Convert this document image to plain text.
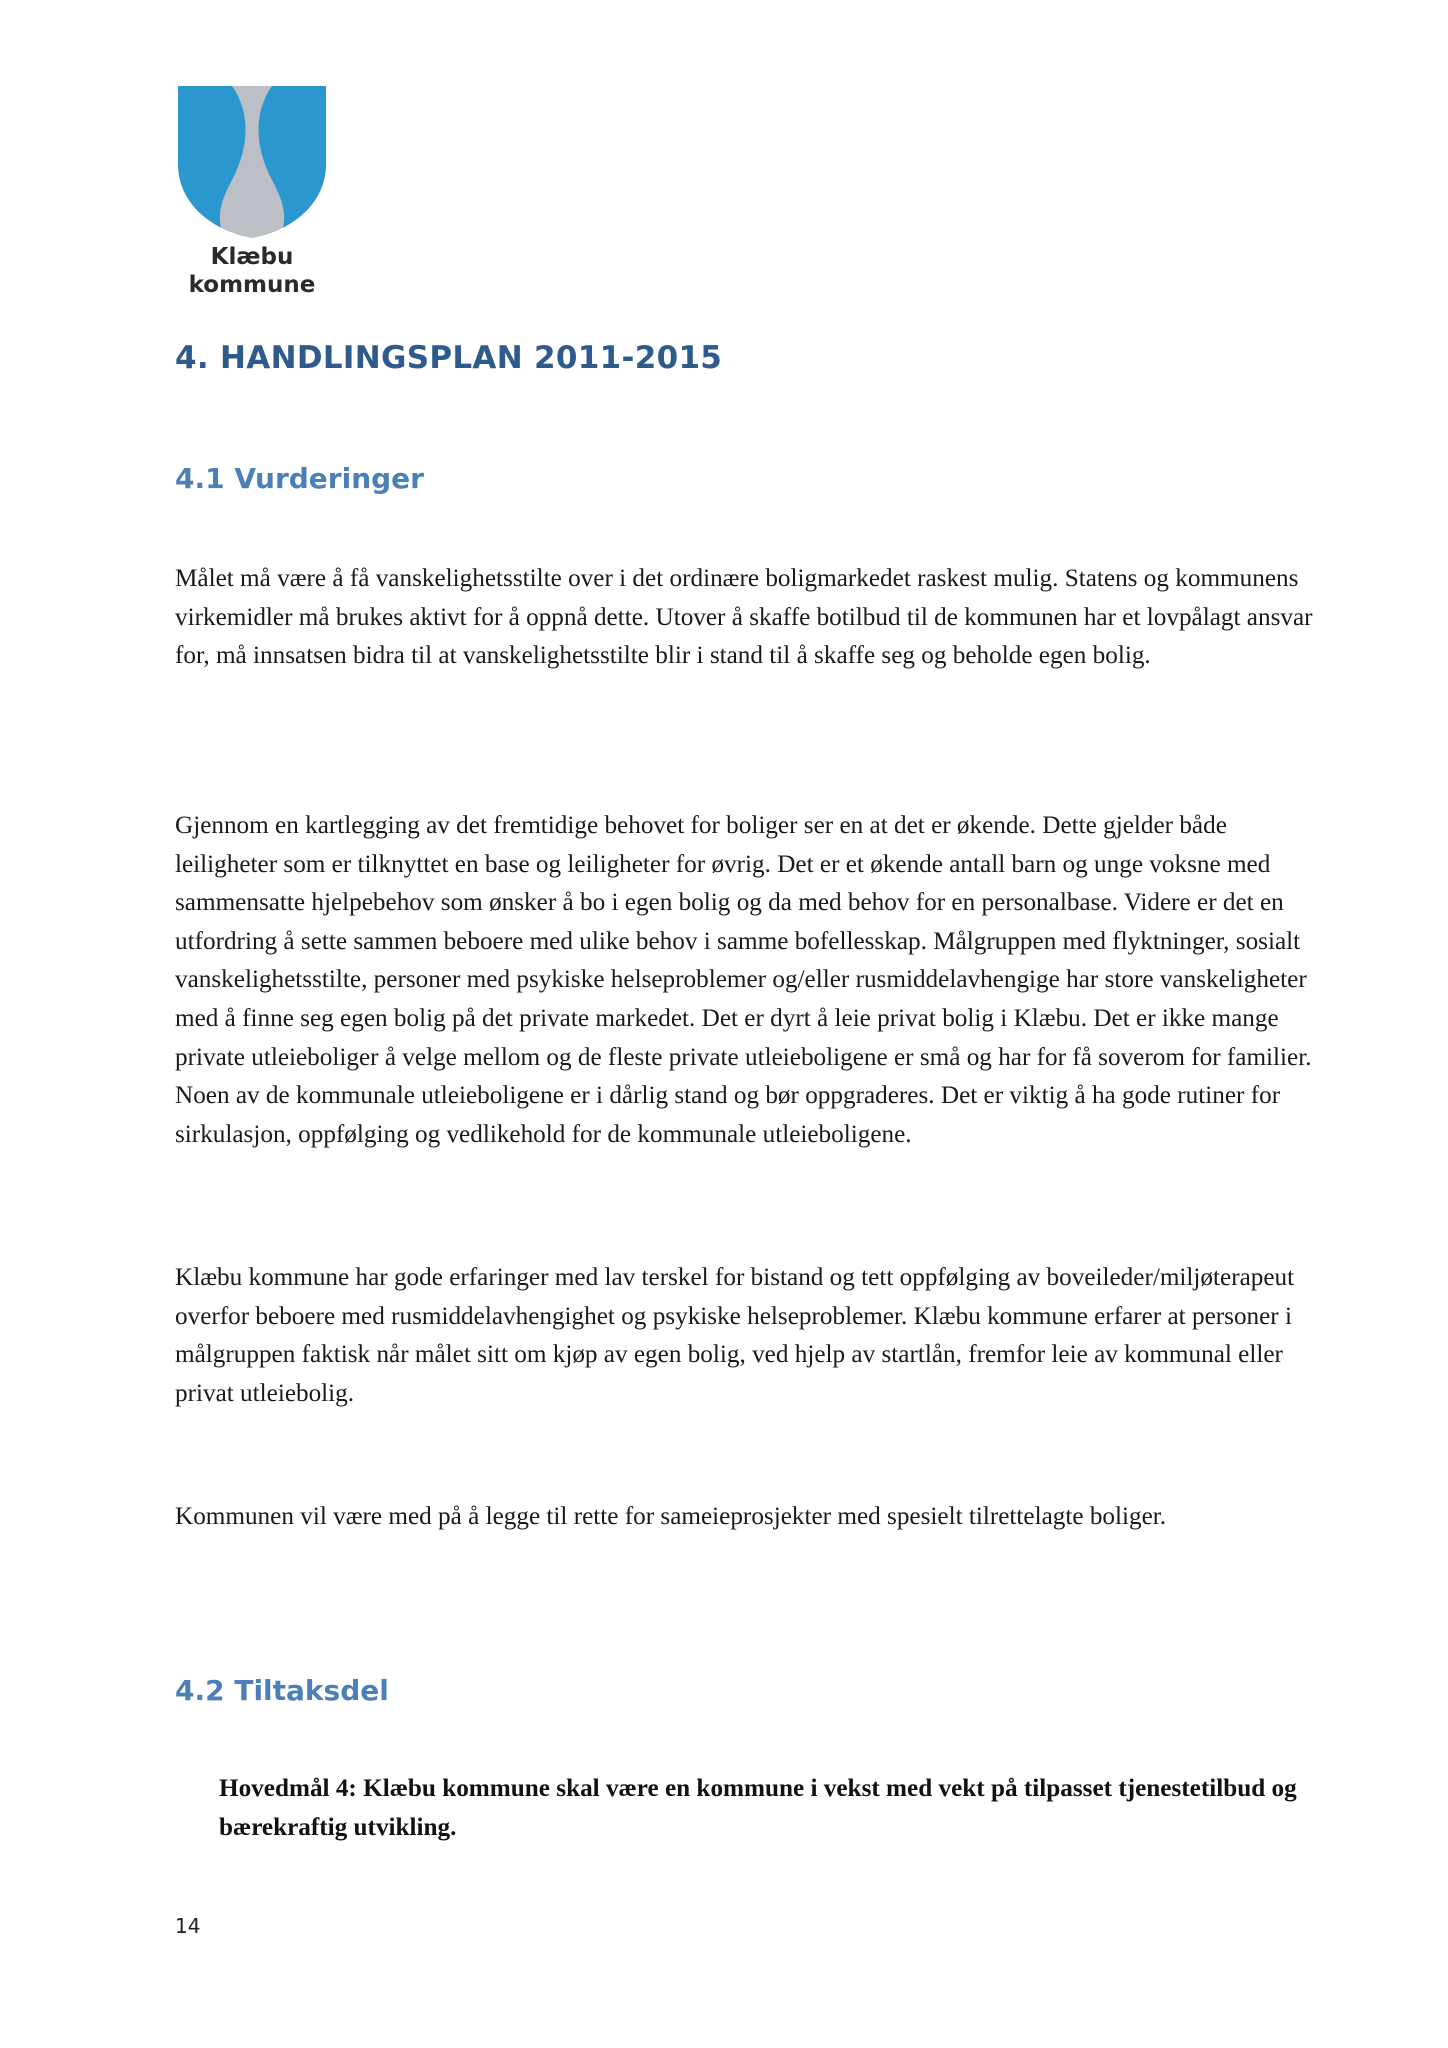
Klæbu
kommune
4. HANDLINGSPLAN 2011-2015
4.1 Vurderinger

Målet må være å få vanskelighetsstilte over i det ordinære boligmarkedet raskest mulig. Statens og kommunens virkemidler må brukes aktivt for å oppnå dette. Utover å skaffe botilbud til de kommunen har et lovpålagt ansvar for, må innsatsen bidra til at vanskelighetsstilte blir i stand til å skaffe seg og beholde egen bolig.

Gjennom en kartlegging av det fremtidige behovet for boliger ser en at det er økende. Dette gjelder både leiligheter som er tilknyttet en base og leiligheter for øvrig. Det er et økende antall barn og unge voksne med sammensatte hjelpebehov som ønsker å bo i egen bolig og da med behov for en personalbase. Videre er det en utfordring å sette sammen beboere med ulike behov i samme bofellesskap. Målgruppen med flyktninger, sosialt vanskelighetsstilte, personer med psykiske helseproblemer og/eller rusmiddelavhengige har store vanskeligheter med å finne seg egen bolig på det private markedet. Det er dyrt å leie privat bolig i Klæbu. Det er ikke mange private utleieboliger å velge mellom og de fleste private utleieboligene er små og har for få soverom for familier. Noen av de kommunale utleieboligene er i dårlig stand og bør oppgraderes. Det er viktig å ha gode rutiner for sirkulasjon, oppfølging og vedlikehold for de kommunale utleieboligene.

Klæbu kommune har gode erfaringer med lav terskel for bistand og tett oppfølging av boveileder/miljøterapeut overfor beboere med rusmiddelavhengighet og psykiske helseproblemer. Klæbu kommune erfarer at personer i målgruppen faktisk når målet sitt om kjøp av egen bolig, ved hjelp av startlån, fremfor leie av kommunal eller privat utleiebolig.

Kommunen vil være med på å legge til rette for sameieprosjekter med spesielt tilrettelagte boliger.

4.2 Tiltaksdel

Hovedmål 4: Klæbu kommune skal være en kommune i vekst med vekt på tilpasset tjenestetilbud og bærekraftig utvikling.

14
